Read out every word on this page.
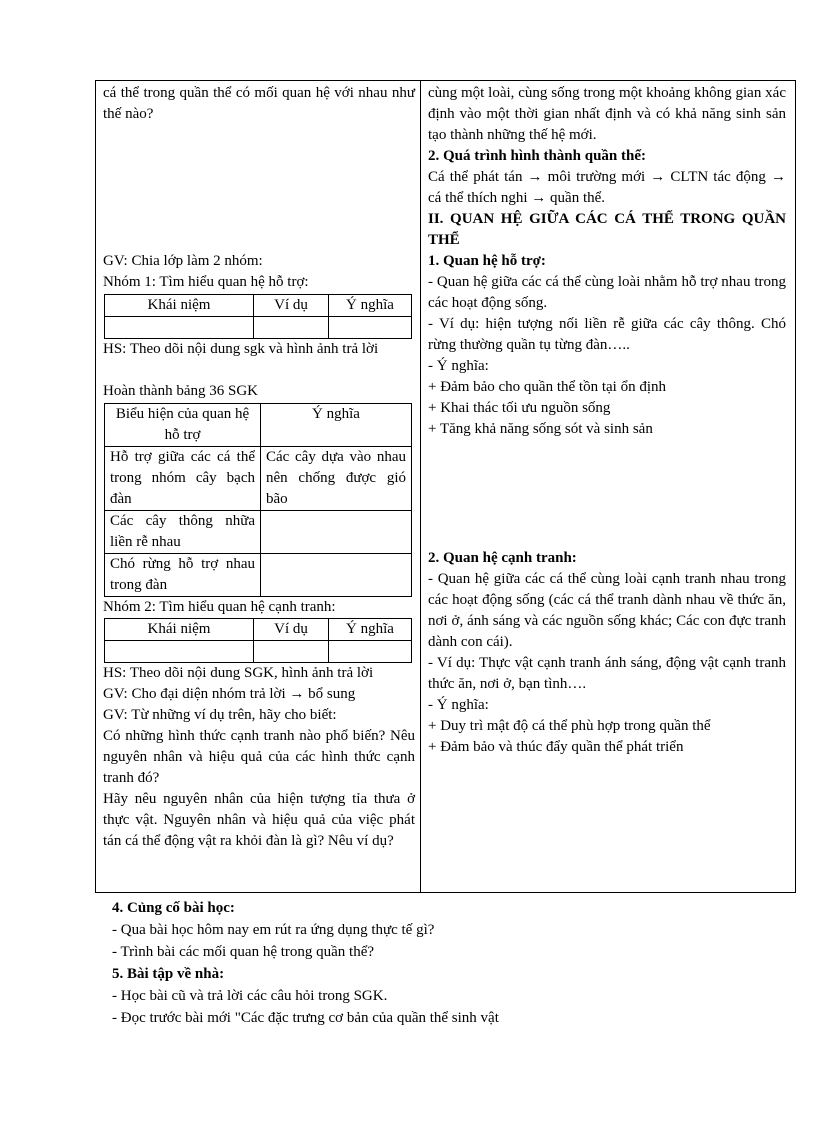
cá thể trong quần thể có mối quan hệ với nhau như thế nào?
GV: Chia lớp làm 2 nhóm:
Nhóm 1: Tìm hiểu quan hệ hỗ trợ:
Khái niệm	Ví dụ	Ý nghĩa

HS: Theo dõi nội dung sgk và hình ảnh trả lời
Hoàn thành bảng 36 SGK
Biểu hiện của quan hệ hỗ trợ	Ý nghĩa
Hỗ trợ giữa các cá thể trong nhóm cây bạch đàn	Các cây dựa vào nhau nên chống được gió bão
Các cây thông nhữa liền rễ nhau	
Chó rừng hỗ trợ nhau trong đàn	
Nhóm 2: Tìm hiểu quan hệ cạnh tranh:
Khái niệm	Ví dụ	Ý nghĩa

HS: Theo dõi nội dung SGK, hình ảnh trả lời
GV: Cho đại diện nhóm trả lời → bổ sung
GV: Từ những ví dụ trên, hãy cho biết:
Có những hình thức cạnh tranh nào phổ biến? Nêu nguyên nhân và hiệu quả của các hình thức cạnh tranh đó?
Hãy nêu nguyên nhân của hiện tượng tỉa thưa ở thực vật. Nguyên nhân và hiệu quả của việc phát tán cá thể động vật ra khỏi đàn là gì? Nêu ví dụ?
cùng một loài, cùng sống trong một khoảng không gian xác định vào một thời gian nhất định và có khả năng sinh sản tạo thành những thế hệ mới.
2. Quá trình hình thành quần thể:
Cá thể phát tán → môi trường mới → CLTN tác động → cá thể thích nghi → quần thể.
II. QUAN HỆ GIỮA CÁC CÁ THỂ TRONG QUẦN THỂ
1. Quan hệ hỗ trợ:
- Quan hệ giữa các cá thể cùng loài nhằm hỗ trợ nhau trong các hoạt động sống.
- Ví dụ: hiện tượng nối liền rễ giữa các cây thông. Chó rừng thường quần tụ từng đàn…..
- Ý nghĩa:
+ Đảm bảo cho quần thể tồn tại ổn định
+ Khai thác tối ưu nguồn sống
+ Tăng khả năng sống sót và sinh sản
2. Quan hệ cạnh tranh:
- Quan hệ giữa các cá thể cùng loài cạnh tranh nhau trong các hoạt động sống (các cá thể tranh dành nhau về thức ăn, nơi ở, ánh sáng và các nguồn sống khác; Các con đực tranh dành con cái).
- Ví dụ: Thực vật cạnh tranh ánh sáng, động vật cạnh tranh thức ăn, nơi ở, bạn tình….
- Ý nghĩa:
+ Duy trì mật độ cá thể phù hợp trong quần thể
+ Đảm bảo và thúc đẩy quần thể phát triển
4. Củng cố bài học:
- Qua bài học hôm nay em rút ra ứng dụng thực tế gì?
- Trình bài các mối quan hệ trong quần thể?
5. Bài tập về nhà:
- Học bài cũ và trả lời các câu hỏi trong SGK.
- Đọc trước bài mới "Các đặc trưng cơ bản của quần thể sinh vật
